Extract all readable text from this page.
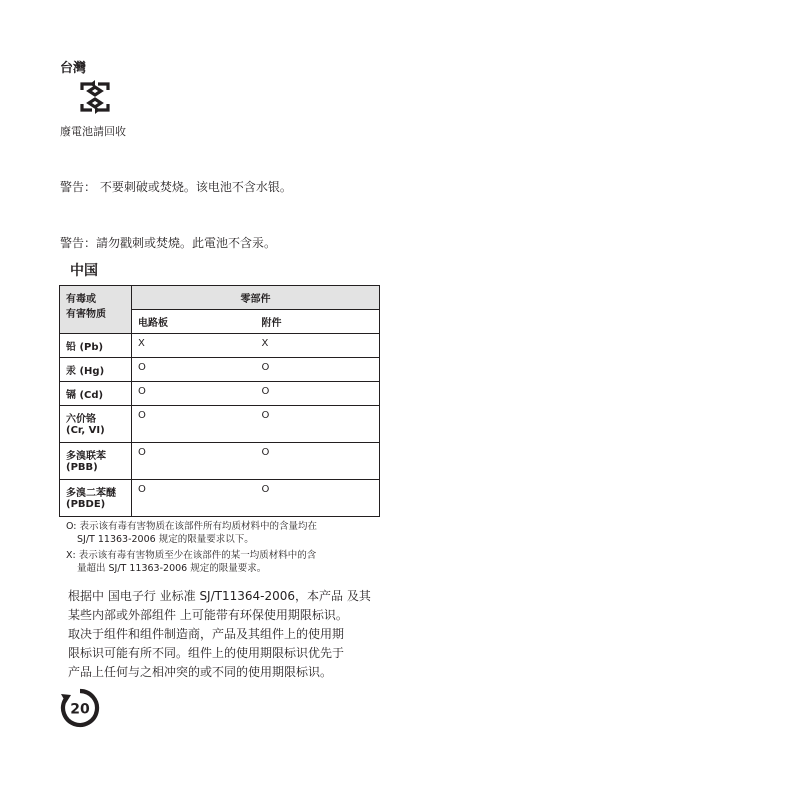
台灣
廢電池請回收
警告： 不要刺破或焚烧。该电池不含水银。
警告：請勿戳刺或焚燒。此電池不含汞。
中国
有毒或
有害物质	零部件	
	电路板	附件
铅 (Pb)	X	X
汞 (Hg)	O	O
镉 (Cd)	O	O
六价铬
(Cr, VI)	O	O
多溴联苯
(PBB)	O	O
多溴二苯醚
(PBDE)	O	O
O: 表示该有毒有害物质在该部件所有均质材料中的含量均在
SJ/T 11363-2006 规定的限量要求以下。
X: 表示该有毒有害物质至少在该部件的某一均质材料中的含
量超出 SJ/T 11363-2006 规定的限量要求。
根据中 国电子行 业标准 SJ/T11364-2006，本产品 及其
某些内部或外部组件 上可能带有环保使用期限标识。
取决于组件和组件制造商，产品及其组件上的使用期
限标识可能有所不同。组件上的使用期限标识优先于
产品上任何与之相冲突的或不同的使用期限标识。
20
